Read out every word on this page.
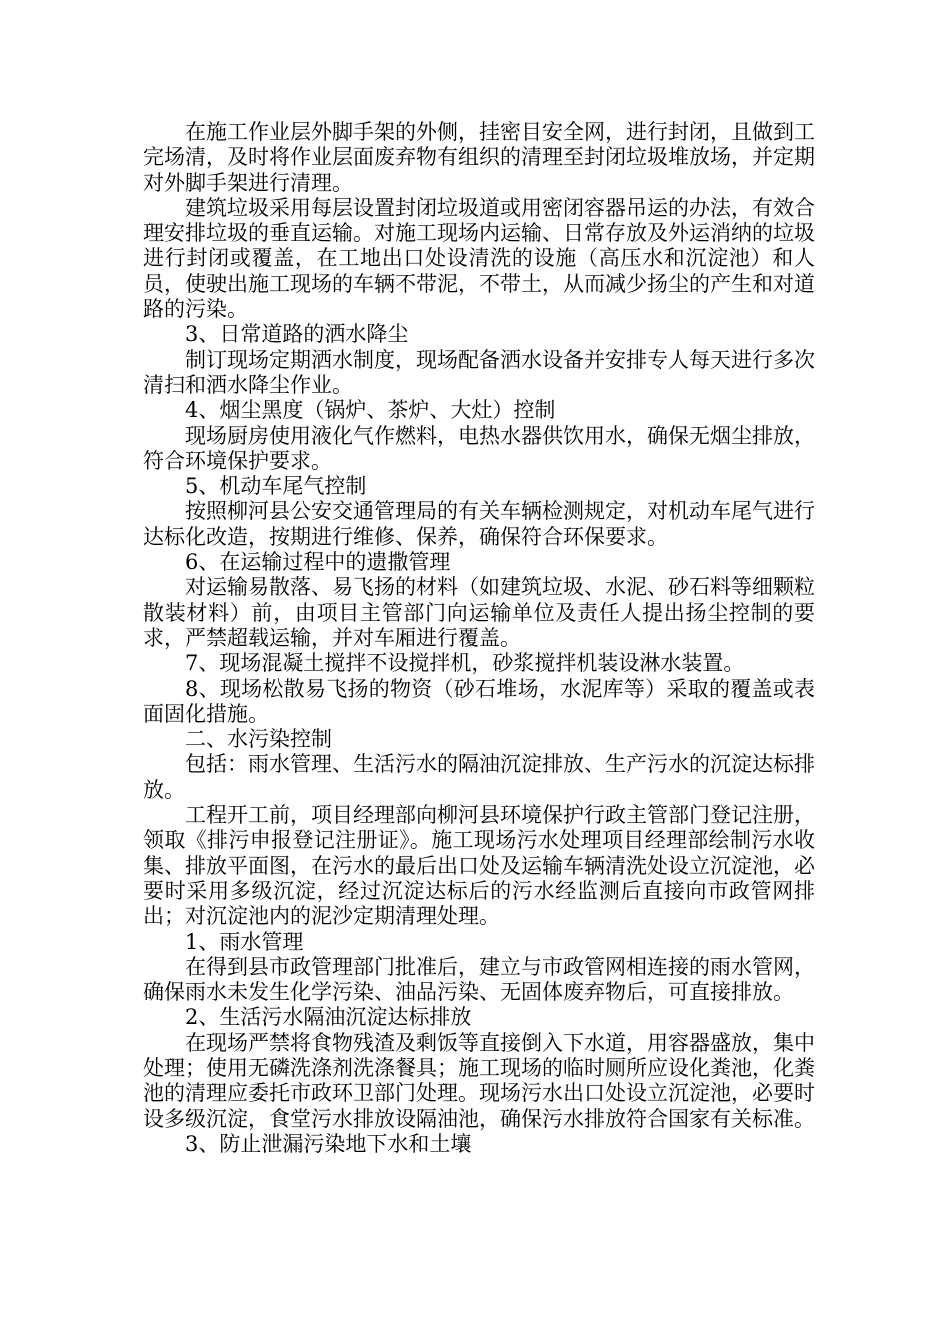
在施工作业层外脚手架的外侧，挂密目安全网，进行封闭，且做到工完场清，及时将作业层面废弃物有组织的清理至封闭垃圾堆放场，并定期对外脚手架进行清理。

建筑垃圾采用每层设置封闭垃圾道或用密闭容器吊运的办法，有效合理安排垃圾的垂直运输。对施工现场内运输、日常存放及外运消纳的垃圾进行封闭或覆盖，在工地出口处设清洗的设施（高压水和沉淀池）和人员，使驶出施工现场的车辆不带泥，不带土，从而减少扬尘的产生和对道路的污染。

3、日常道路的洒水降尘

制订现场定期洒水制度，现场配备洒水设备并安排专人每天进行多次清扫和洒水降尘作业。

4、烟尘黑度（锅炉、茶炉、大灶）控制

现场厨房使用液化气作燃料，电热水器供饮用水，确保无烟尘排放，符合环境保护要求。

5、机动车尾气控制

按照柳河县公安交通管理局的有关车辆检测规定，对机动车尾气进行达标化改造，按期进行维修、保养，确保符合环保要求。

6、在运输过程中的遗撒管理

对运输易散落、易飞扬的材料（如建筑垃圾、水泥、砂石料等细颗粒散装材料）前，由项目主管部门向运输单位及责任人提出扬尘控制的要求，严禁超载运输，并对车厢进行覆盖。

7、现场混凝土搅拌不设搅拌机，砂浆搅拌机装设淋水装置。

8、现场松散易飞扬的物资（砂石堆场，水泥库等）采取的覆盖或表面固化措施。

二、水污染控制

包括：雨水管理、生活污水的隔油沉淀排放、生产污水的沉淀达标排放。

工程开工前，项目经理部向柳河县环境保护行政主管部门登记注册，领取《排污申报登记注册证》。施工现场污水处理项目经理部绘制污水收集、排放平面图，在污水的最后出口处及运输车辆清洗处设立沉淀池，必要时采用多级沉淀，经过沉淀达标后的污水经监测后直接向市政管网排出；对沉淀池内的泥沙定期清理处理。

1、雨水管理

在得到县市政管理部门批准后，建立与市政管网相连接的雨水管网，确保雨水未发生化学污染、油品污染、无固体废弃物后，可直接排放。

2、生活污水隔油沉淀达标排放

在现场严禁将食物残渣及剩饭等直接倒入下水道，用容器盛放，集中处理；使用无磷洗涤剂洗涤餐具；施工现场的临时厕所应设化粪池，化粪池的清理应委托市政环卫部门处理。现场污水出口处设立沉淀池，必要时设多级沉淀，食堂污水排放设隔油池，确保污水排放符合国家有关标准。

3、防止泄漏污染地下水和土壤
